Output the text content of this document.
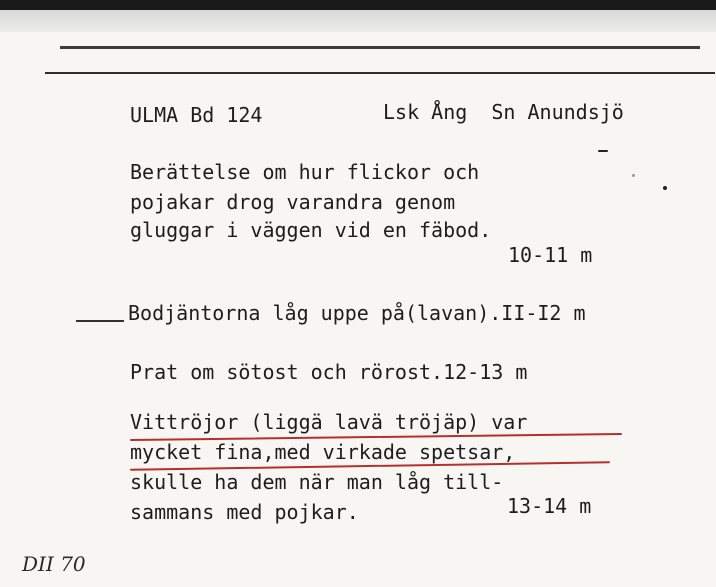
ULMA Bd 124	Lsk Ång  Sn Anundsjö
Berättelse om hur flickor och
pojakar drog varandra genom
gluggar i väggen vid en fäbod.
10-11 m
Bodjäntorna låg uppe på(lavan).II-I2 m
Prat om sötost och rörost.12-13 m
Vittröjor (liggä lavä tröjäp) var
mycket fina,med virkade spetsar,
skulle ha dem när man låg till-
sammans med pojkar.	13-14 m
DII 70
